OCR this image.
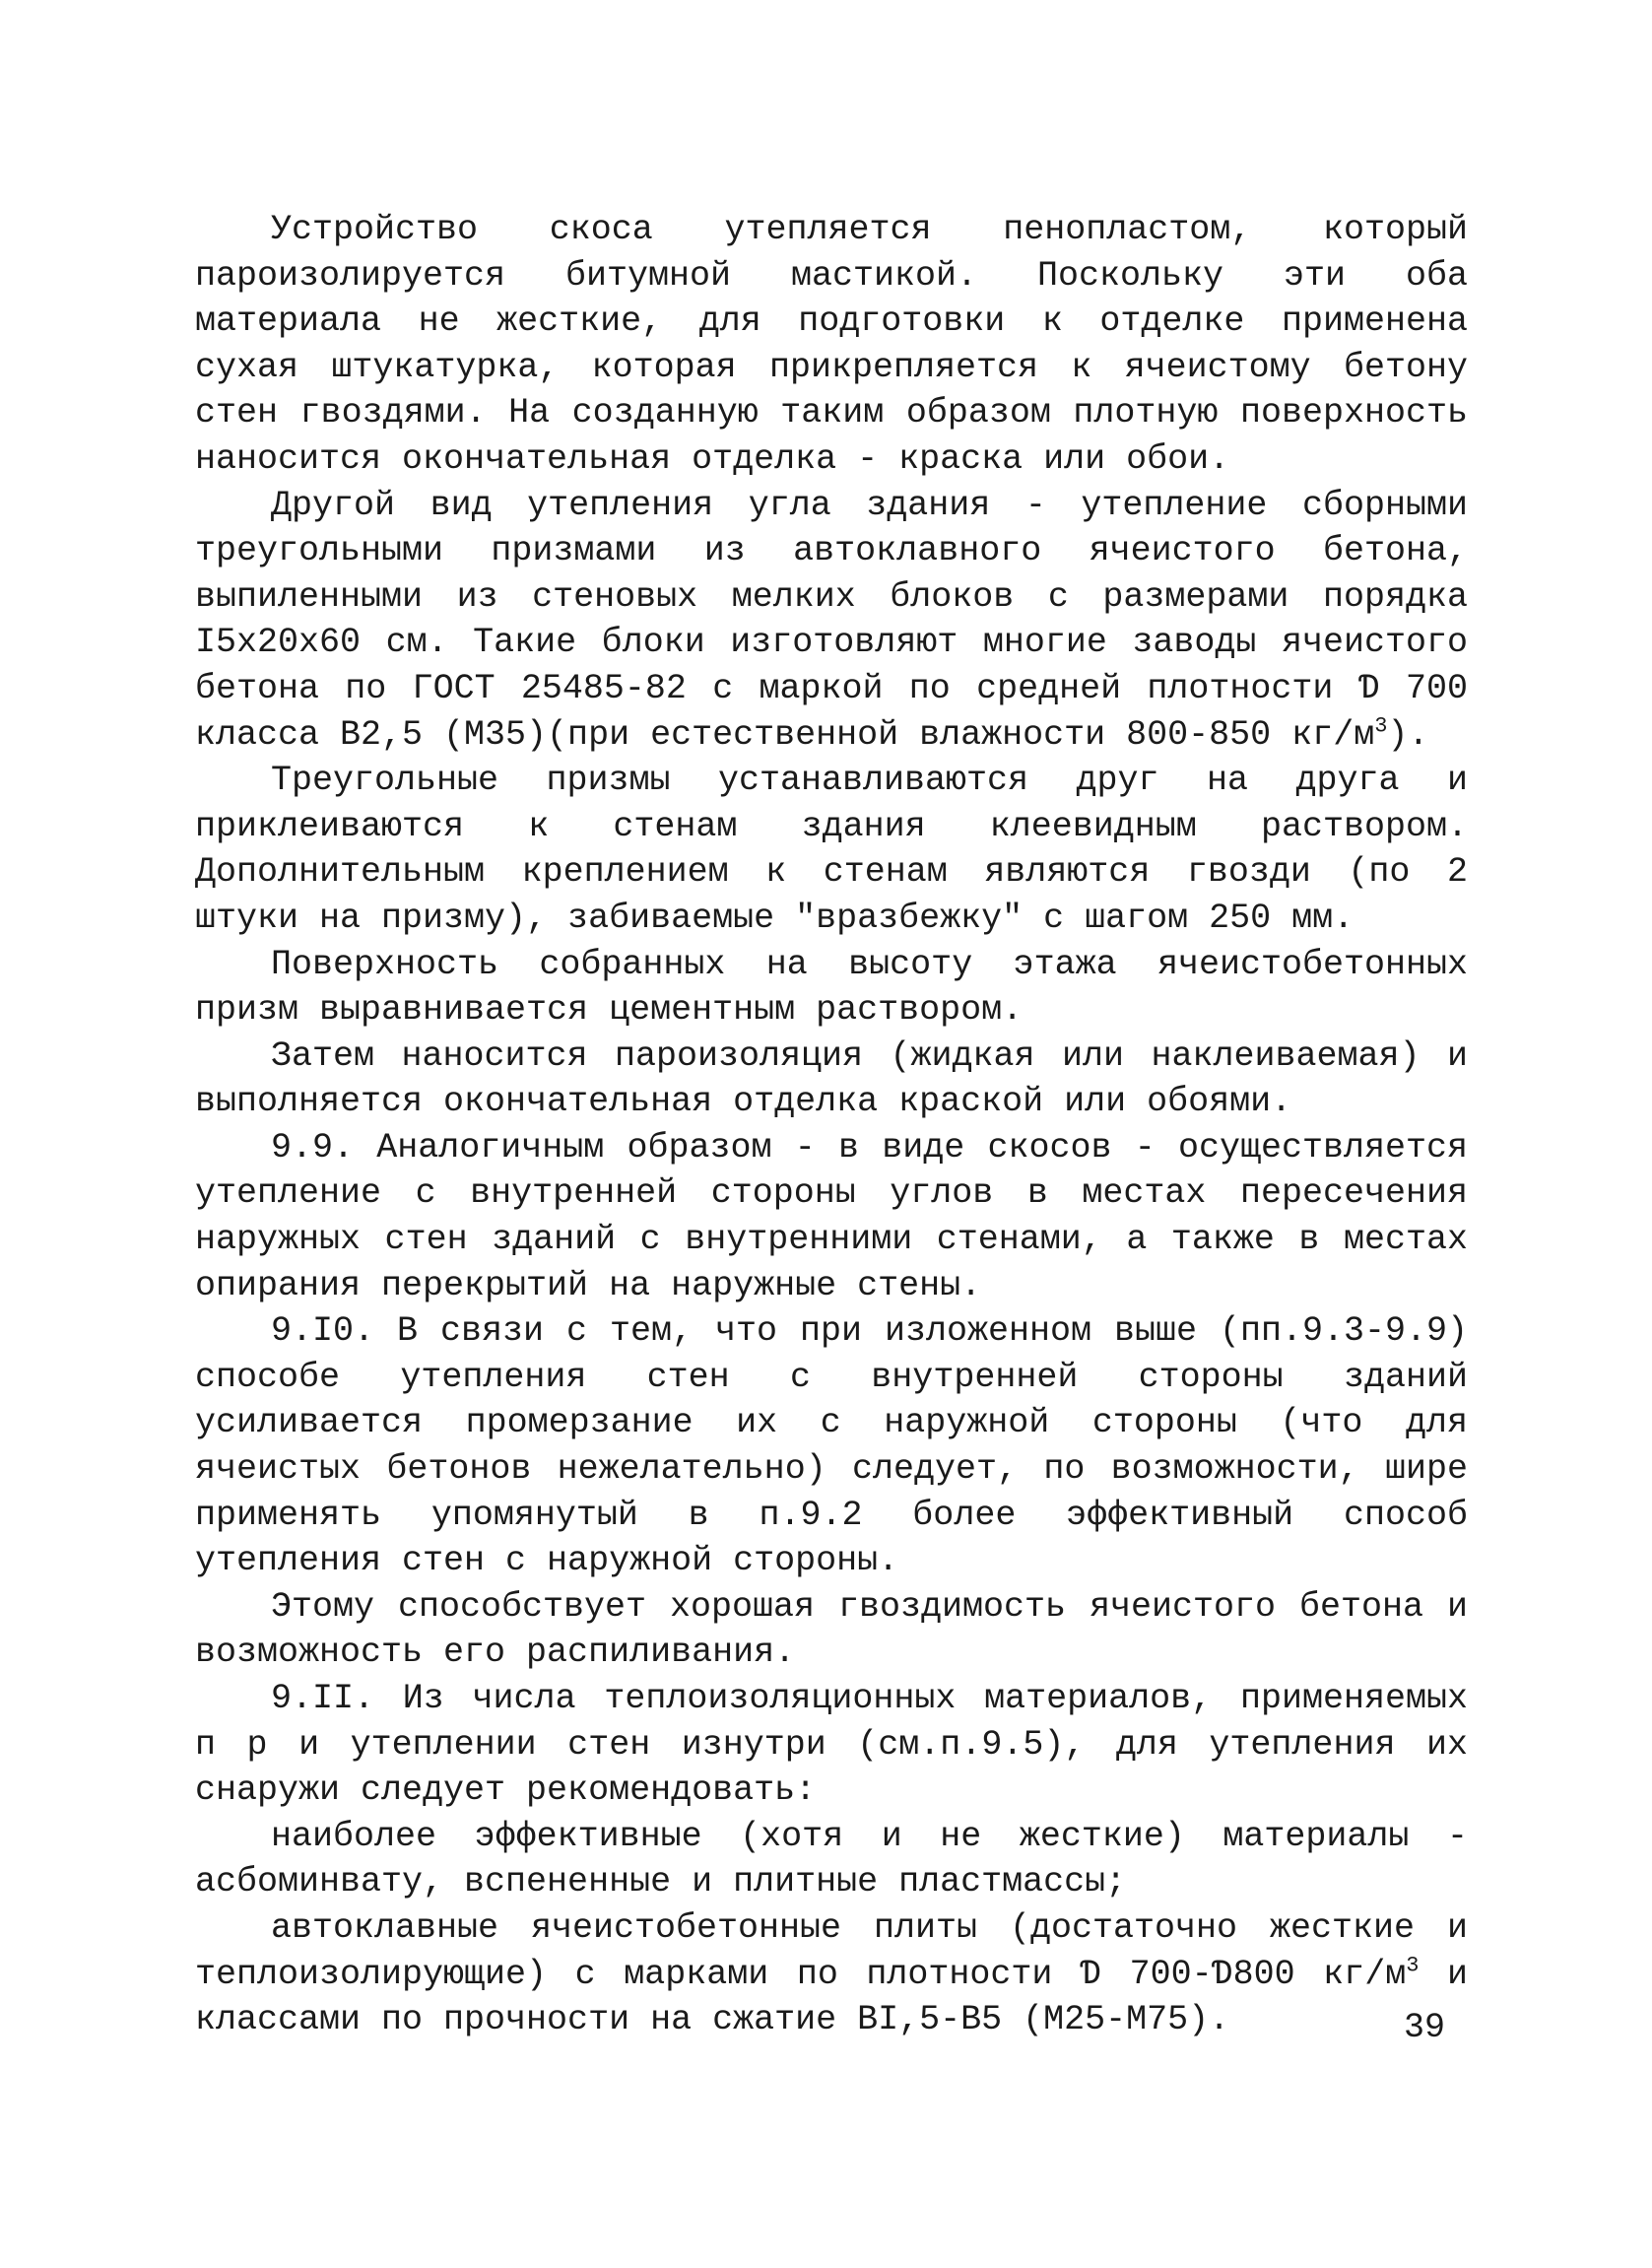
Устройство скоса утепляется пенопластом, который пароизолируется битумной мастикой. Поскольку эти оба материала не жесткие, для подготовки к отделке применена сухая штукатурка, которая прикрепляется к ячеистому бетону стен гвоздями. На созданную таким образом плотную поверхность наносится окончательная отделка - краска или обои.

Другой вид утепления угла здания - утепление сборными треугольными призмами из автоклавного ячеистого бетона, выпиленными из стеновых мелких блоков с размерами порядка I5х20х60 см. Такие блоки изготовляют многие заводы ячеистого бетона по ГОСТ 25485-82 с маркой по средней плотности Ɗ 700 класса В2,5 (М35)(при естественной влажности 800-850 $кг/м^3$).

Треугольные призмы устанавливаются друг на друга и приклеиваются к стенам здания клеевидным раствором. Дополнительным креплением к стенам являются гвозди (по 2 штуки на призму), забиваемые "вразбежку" с шагом 250 мм.

Поверхность собранных на высоту этажа ячеистобетонных призм выравнивается цементным раствором.

Затем наносится пароизоляция (жидкая или наклеиваемая) и выполняется окончательная отделка краской или обоями.

9.9. Аналогичным образом - в виде скосов - осуществляется утепление с внутренней стороны углов в местах пересечения наружных стен зданий с внутренними стенами, а также в местах опирания перекрытий на наружные стены.

9.I0. В связи с тем, что при изложенном выше (пп.9.3-9.9) способе утепления стен с внутренней стороны зданий усиливается промерзание их с наружной стороны (что для ячеистых бетонов нежелательно) следует, по возможности, шире применять упомянутый в п.9.2 более эффективный способ утепления стен с наружной стороны.

Этому способствует хорошая гвоздимость ячеистого бетона и возможность его распиливания.

9.II. Из числа теплоизоляционных материалов, применяемых п р и утеплении стен изнутри (см.п.9.5), для утепления их снаружи следует рекомендовать:

наиболее эффективные (хотя и не жесткие) материалы - асбоминвату, вспененные и плитные пластмассы;

автоклавные ячеистобетонные плиты (достаточно жесткие и теплоизолирующие) с марками по плотности Ɗ 700-Ɗ800 $кг/м^3$ и классами по прочности на сжатие ВI,5-В5 (М25-М75).	39
